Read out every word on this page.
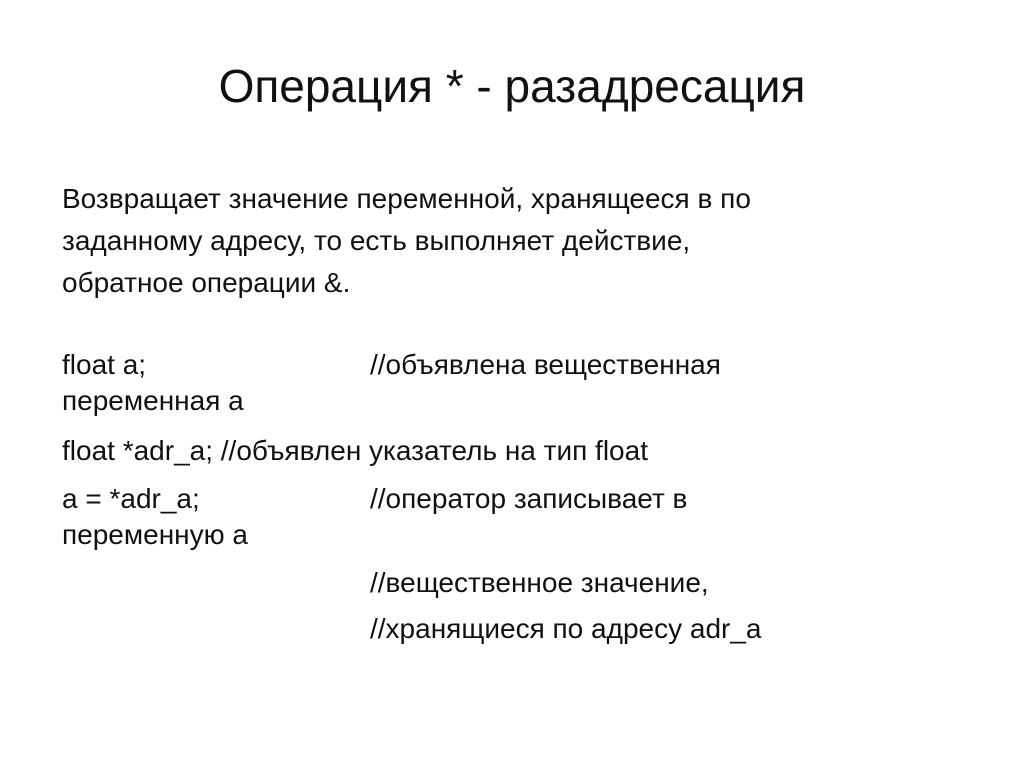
Операция * - разадресация
Возвращает значение переменной, хранящееся в по
заданному адресу, то есть выполняет действие,
обратное операции &.
float a;	//объявлена вещественная
переменная a
float *adr_a; //объявлен указатель на тип float
a = *adr_a;	//оператор записывает в
переменную a
//вещественное значение,
//хранящиеся по адресу adr_a
